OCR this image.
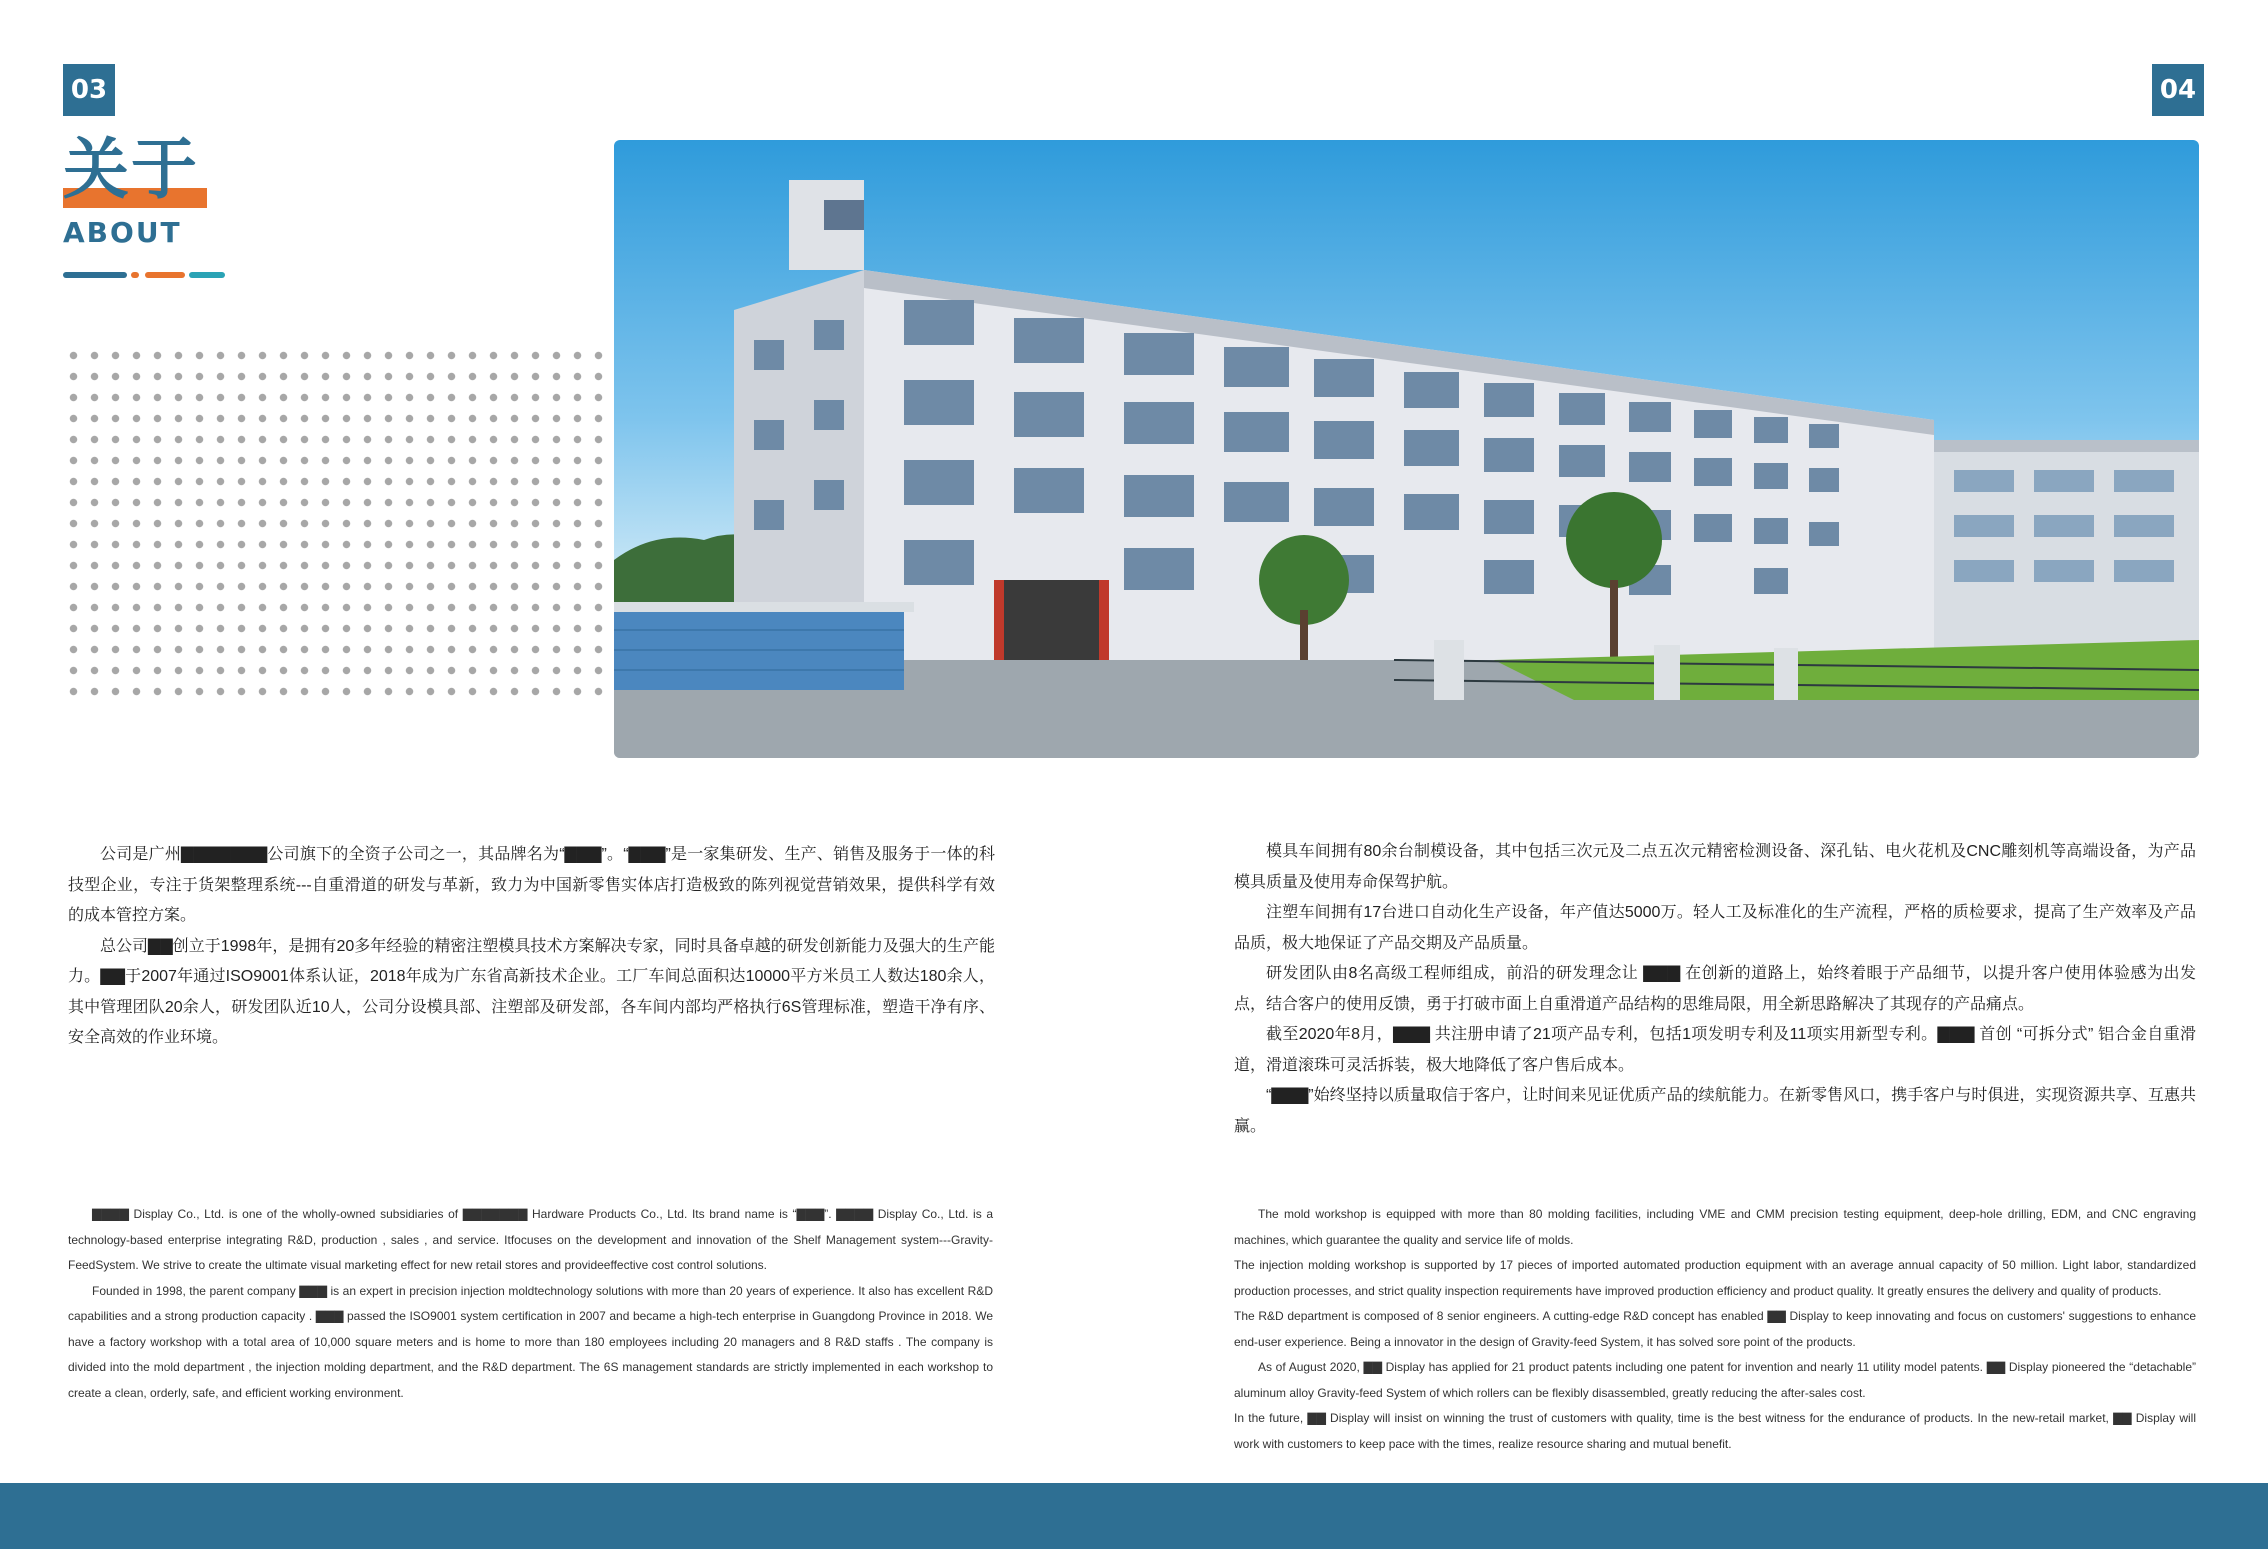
03	04
关于
ABOUT

公司是广州▇▇▇▇▇▇▇公司旗下的全资子公司之一，其品牌名为“▇▇▇”。“▇▇▇”是一家集研发、生产、销售及服务于一体的科技型企业，专注于货架整理系统---自重滑道的研发与革新，致力为中国新零售实体店打造极致的陈列视觉营销效果，提供科学有效的成本管控方案。

总公司▇▇创立于1998年，是拥有20多年经验的精密注塑模具技术方案解决专家，同时具备卓越的研发创新能力及强大的生产能力。▇▇于2007年通过ISO9001体系认证，2018年成为广东省高新技术企业。工厂车间总面积达10000平方米员工人数达180余人， 其中管理团队20余人，研发团队近10人，公司分设模具部、注塑部及研发部，各车间内部均严格执行6S管理标准，塑造干净有序、安全高效的作业环境。

模具车间拥有80余台制模设备，其中包括三次元及二点五次元精密检测设备、深孔钻、电火花机及CNC雕刻机等高端设备，为产品模具质量及使用寿命保驾护航。

注塑车间拥有17台进口自动化生产设备，年产值达5000万。轻人工及标准化的生产流程，严格的质检要求，提高了生产效率及产品品质，极大地保证了产品交期及产品质量。

研发团队由8名高级工程师组成，前沿的研发理念让 ▇▇▇ 在创新的道路上，始终着眼于产品细节，以提升客户使用体验感为出发点，结合客户的使用反馈，勇于打破市面上自重滑道产品结构的思维局限，用全新思路解决了其现存的产品痛点。

截至2020年8月，▇▇▇ 共注册申请了21项产品专利，包括1项发明专利及11项实用新型专利。▇▇▇ 首创 “可拆分式” 铝合金自重滑道，滑道滚珠可灵活拆装，极大地降低了客户售后成本。

“▇▇▇”始终坚持以质量取信于客户，让时间来见证优质产品的续航能力。在新零售风口，携手客户与时俱进，实现资源共享、互惠共赢。

▇▇▇▇ Display Co., Ltd. is one of the wholly-owned subsidiaries of ▇▇▇▇▇▇▇ Hardware Products Co., Ltd. Its brand name is “▇▇▇”. ▇▇▇▇ Display Co., Ltd. is a technology-based enterprise integrating R&D, production , sales , and service. Itfocuses on the development and innovation of the Shelf Management system---Gravity- FeedSystem. We strive to create the ultimate visual marketing effect for new retail stores and provideeffective cost control solutions.

Founded in 1998, the parent company ▇▇▇ is an expert in precision injection moldtechnology solutions with more than 20 years of experience. It also has excellent R&D capabilities and a strong production capacity . ▇▇▇ passed the ISO9001 system certification in 2007 and became a high-tech enterprise in Guangdong Province in 2018. We have a factory workshop with a total area of 10,000 square meters and is home to more than 180 employees including 20 managers and 8 R&D staffs . The company is divided into the mold department , the injection molding department, and the R&D department. The 6S management standards are strictly implemented in each workshop to create a clean, orderly, safe, and efficient working environment.

The mold workshop is equipped with more than 80 molding facilities, including VME and CMM precision testing equipment, deep-hole drilling, EDM, and CNC engraving machines, which guarantee the quality and service life of molds.

The injection molding workshop is supported by 17 pieces of imported automated production equipment with an average annual capacity of 50 million. Light labor, standardized production processes, and strict quality inspection requirements have improved production efficiency and product quality. It greatly ensures the delivery and quality of products.

The R&D department is composed of 8 senior engineers. A cutting-edge R&D concept has enabled ▇▇ Display to keep innovating and focus on customers' suggestions to enhance end-user experience. Being a innovator in the design of Gravity-feed System, it has solved sore point of the products.

As of August 2020, ▇▇ Display has applied for 21 product patents including one patent for invention and nearly 11 utility model patents. ▇▇ Display pioneered the “detachable” aluminum alloy Gravity-feed System of which rollers can be flexibly disassembled, greatly reducing the after-sales cost.

In the future, ▇▇ Display will insist on winning the trust of customers with quality, time is the best witness for the endurance of products. In the new-retail market, ▇▇ Display will work with customers to keep pace with the times, realize resource sharing and mutual benefit.
